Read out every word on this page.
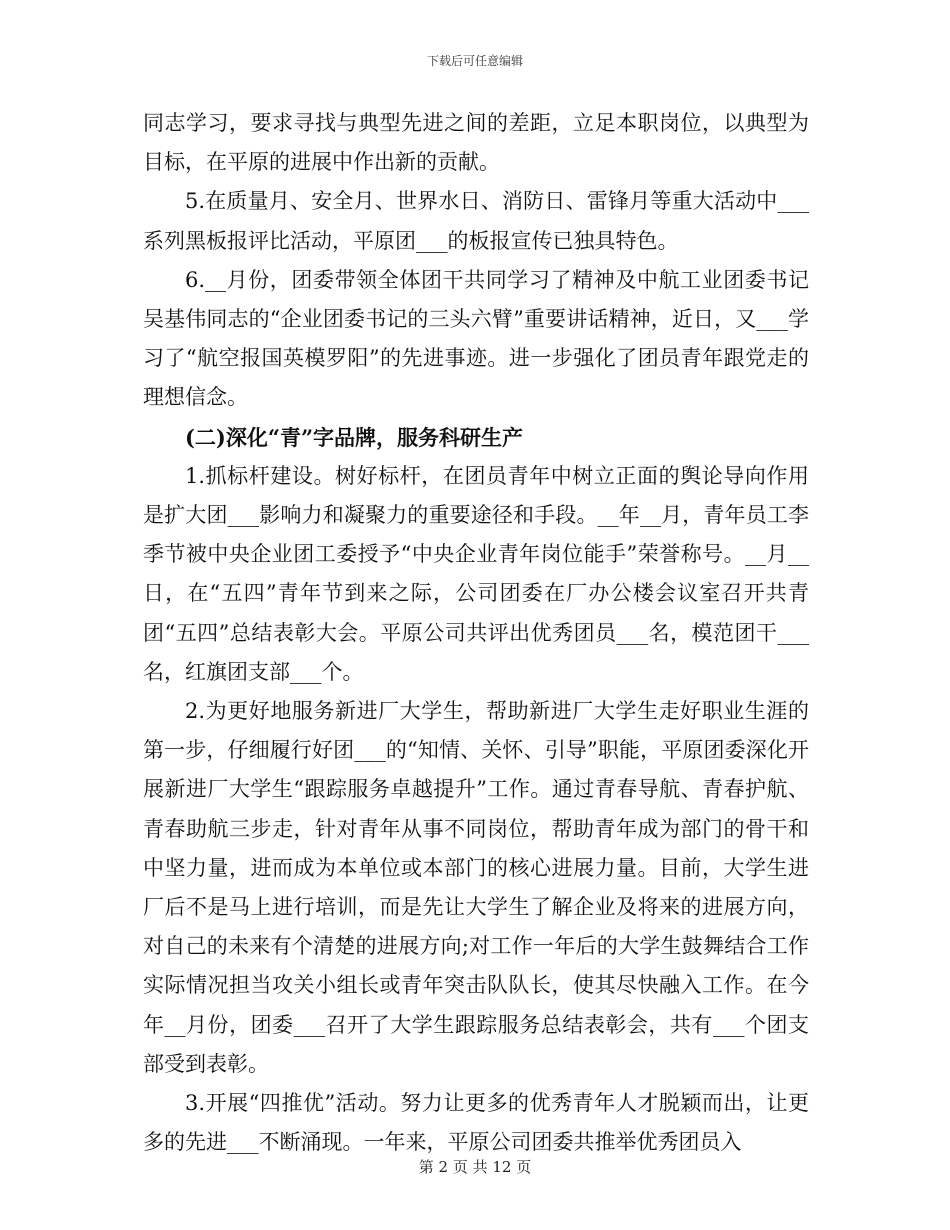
下载后可任意编辑

同志学习，要求寻找与典型先进之间的差距，立足本职岗位，以典型为目标，在平原的进展中作出新的贡献。

5.在质量月、安全月、世界水日、消防日、雷锋月等重大活动中___系列黑板报评比活动，平原团___的板报宣传已独具特色。

6.__月份，团委带领全体团干共同学习了精神及中航工业团委书记吴基伟同志的“企业团委书记的三头六臂”重要讲话精神，近日，又___学习了“航空报国英模罗阳”的先进事迹。进一步强化了团员青年跟党走的理想信念。

(二)深化“青”字品牌，服务科研生产

1.抓标杆建设。树好标杆，在团员青年中树立正面的舆论导向作用是扩大团___影响力和凝聚力的重要途径和手段。__年__月，青年员工李季节被中央企业团工委授予“中央企业青年岗位能手”荣誉称号。__月__日，在“五四”青年节到来之际，公司团委在厂办公楼会议室召开共青团“五四”总结表彰大会。平原公司共评出优秀团员___名，模范团干___名，红旗团支部___个。

2.为更好地服务新进厂大学生，帮助新进厂大学生走好职业生涯的第一步，仔细履行好团___的“知情、关怀、引导”职能，平原团委深化开展新进厂大学生“跟踪服务卓越提升”工作。通过青春导航、青春护航、青春助航三步走，针对青年从事不同岗位，帮助青年成为部门的骨干和中坚力量，进而成为本单位或本部门的核心进展力量。目前，大学生进厂后不是马上进行培训，而是先让大学生了解企业及将来的进展方向，对自己的未来有个清楚的进展方向;对工作一年后的大学生鼓舞结合工作实际情况担当攻关小组长或青年突击队队长，使其尽快融入工作。在今年__月份，团委___召开了大学生跟踪服务总结表彰会，共有___个团支部受到表彰。

3.开展“四推优”活动。努力让更多的优秀青年人才脱颖而出，让更多的先进___不断涌现。一年来，平原公司团委共推举优秀团员入

第 2 页 共 12 页
